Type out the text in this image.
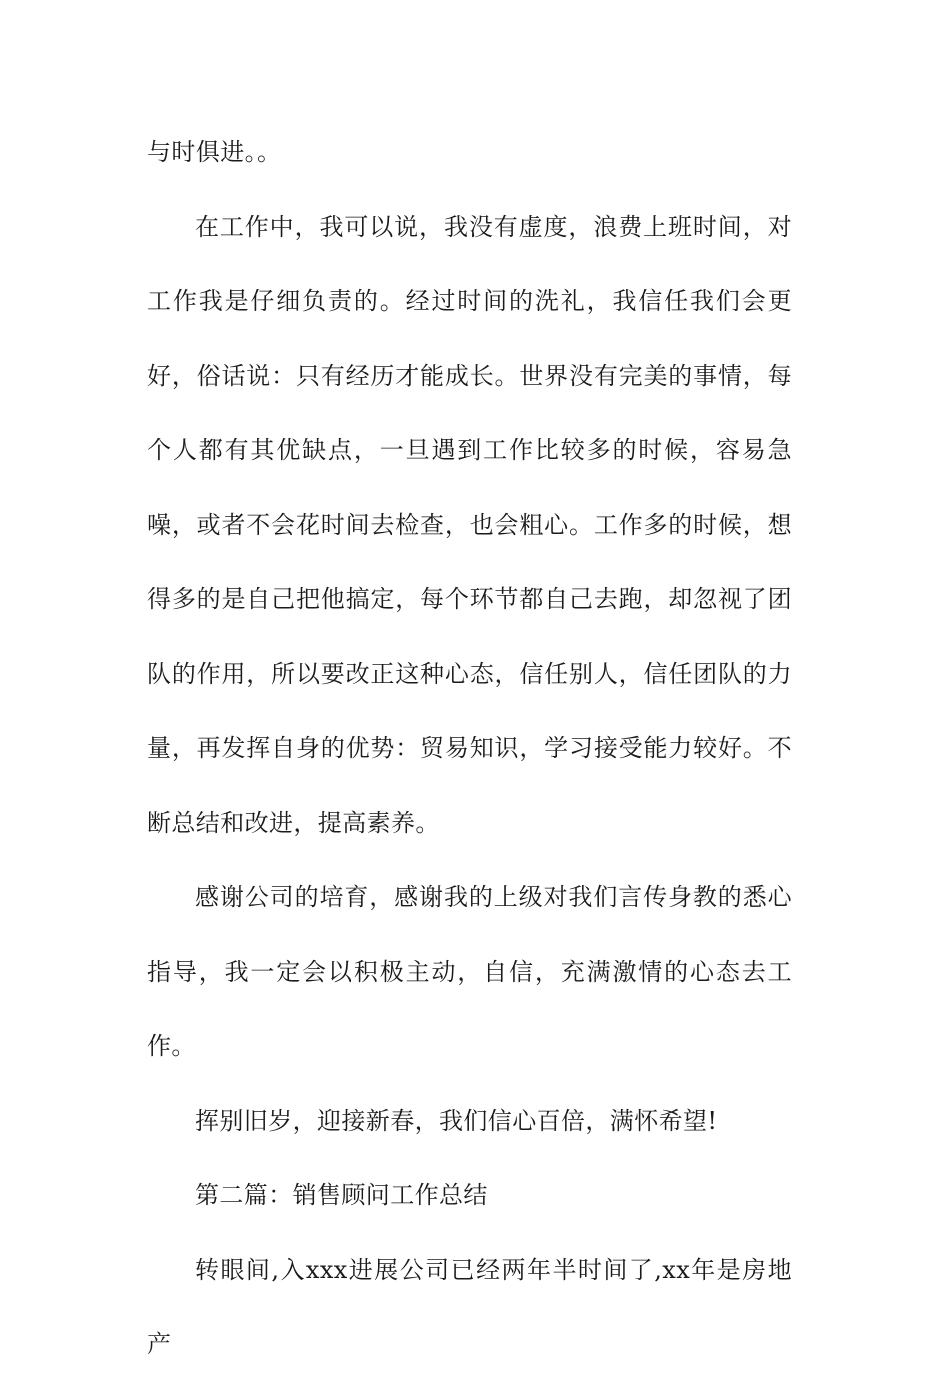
与时俱进。。

在工作中，我可以说，我没有虚度，浪费上班时间，对工作我是仔细负责的。经过时间的洗礼，我信任我们会更好，俗话说：只有经历才能成长。世界没有完美的事情，每个人都有其优缺点，一旦遇到工作比较多的时候，容易急噪，或者不会花时间去检查，也会粗心。工作多的时候，想得多的是自己把他搞定，每个环节都自己去跑，却忽视了团队的作用，所以要改正这种心态，信任别人，信任团队的力量，再发挥自身的优势：贸易知识，学习接受能力较好。不断总结和改进，提高素养。

感谢公司的培育，感谢我的上级对我们言传身教的悉心指导，我一定会以积极主动，自信，充满激情的心态去工作。

挥别旧岁，迎接新春，我们信心百倍，满怀希望!

第二篇：销售顾问工作总结

转眼间,入xxx进展公司已经两年半时间了,xx年是房地产
